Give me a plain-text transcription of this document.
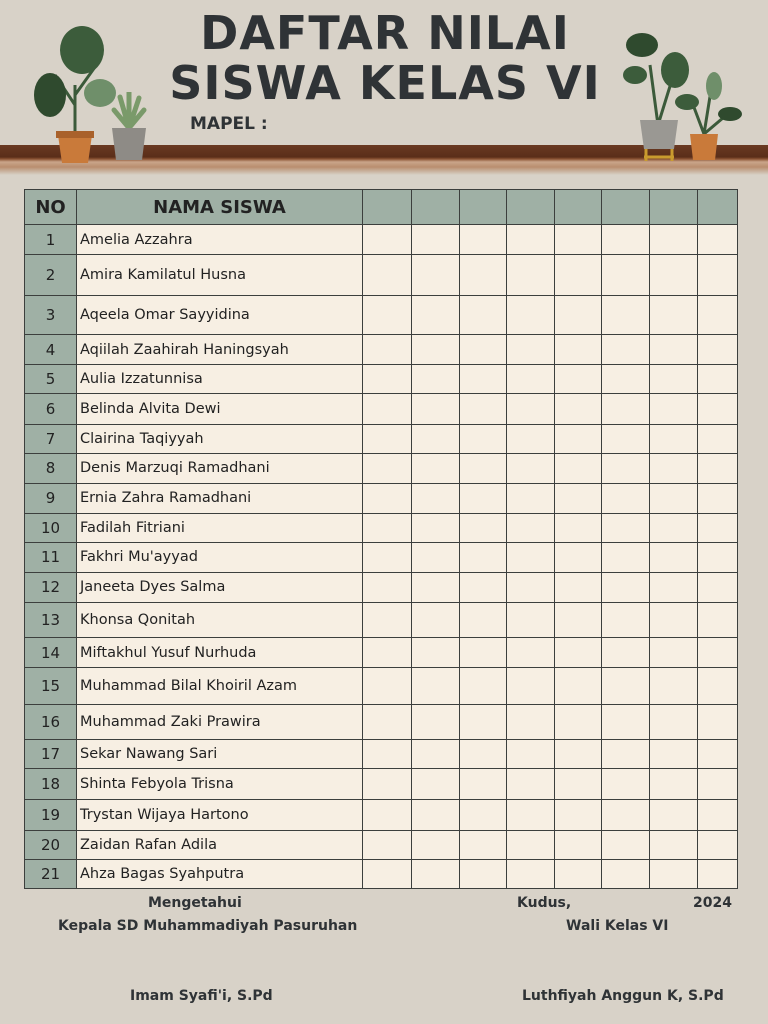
DAFTAR NILAI
SISWA KELAS VI
MAPEL :
NO	NAMA SISWA								
1	Amelia Azzahra								
2	Amira Kamilatul Husna								
3	Aqeela Omar Sayyidina								
4	Aqiilah Zaahirah Haningsyah								
5	Aulia Izzatunnisa								
6	Belinda Alvita Dewi								
7	Clairina Taqiyyah								
8	Denis Marzuqi Ramadhani								
9	Ernia Zahra Ramadhani								
10	Fadilah Fitriani								
11	Fakhri Mu'ayyad								
12	Janeeta Dyes Salma								
13	Khonsa Qonitah								
14	Miftakhul Yusuf Nurhuda								
15	Muhammad Bilal Khoiril Azam								
16	Muhammad Zaki Prawira								
17	Sekar Nawang Sari								
18	Shinta Febyola Trisna								
19	Trystan Wijaya Hartono								
20	Zaidan Rafan Adila								
21	Ahza Bagas Syahputra								
Mengetahui
Kepala SD Muhammadiyah Pasuruhan
Imam Syafi'i, S.Pd
Kudus,	2024
Wali Kelas VI
Luthfiyah Anggun K, S.Pd
